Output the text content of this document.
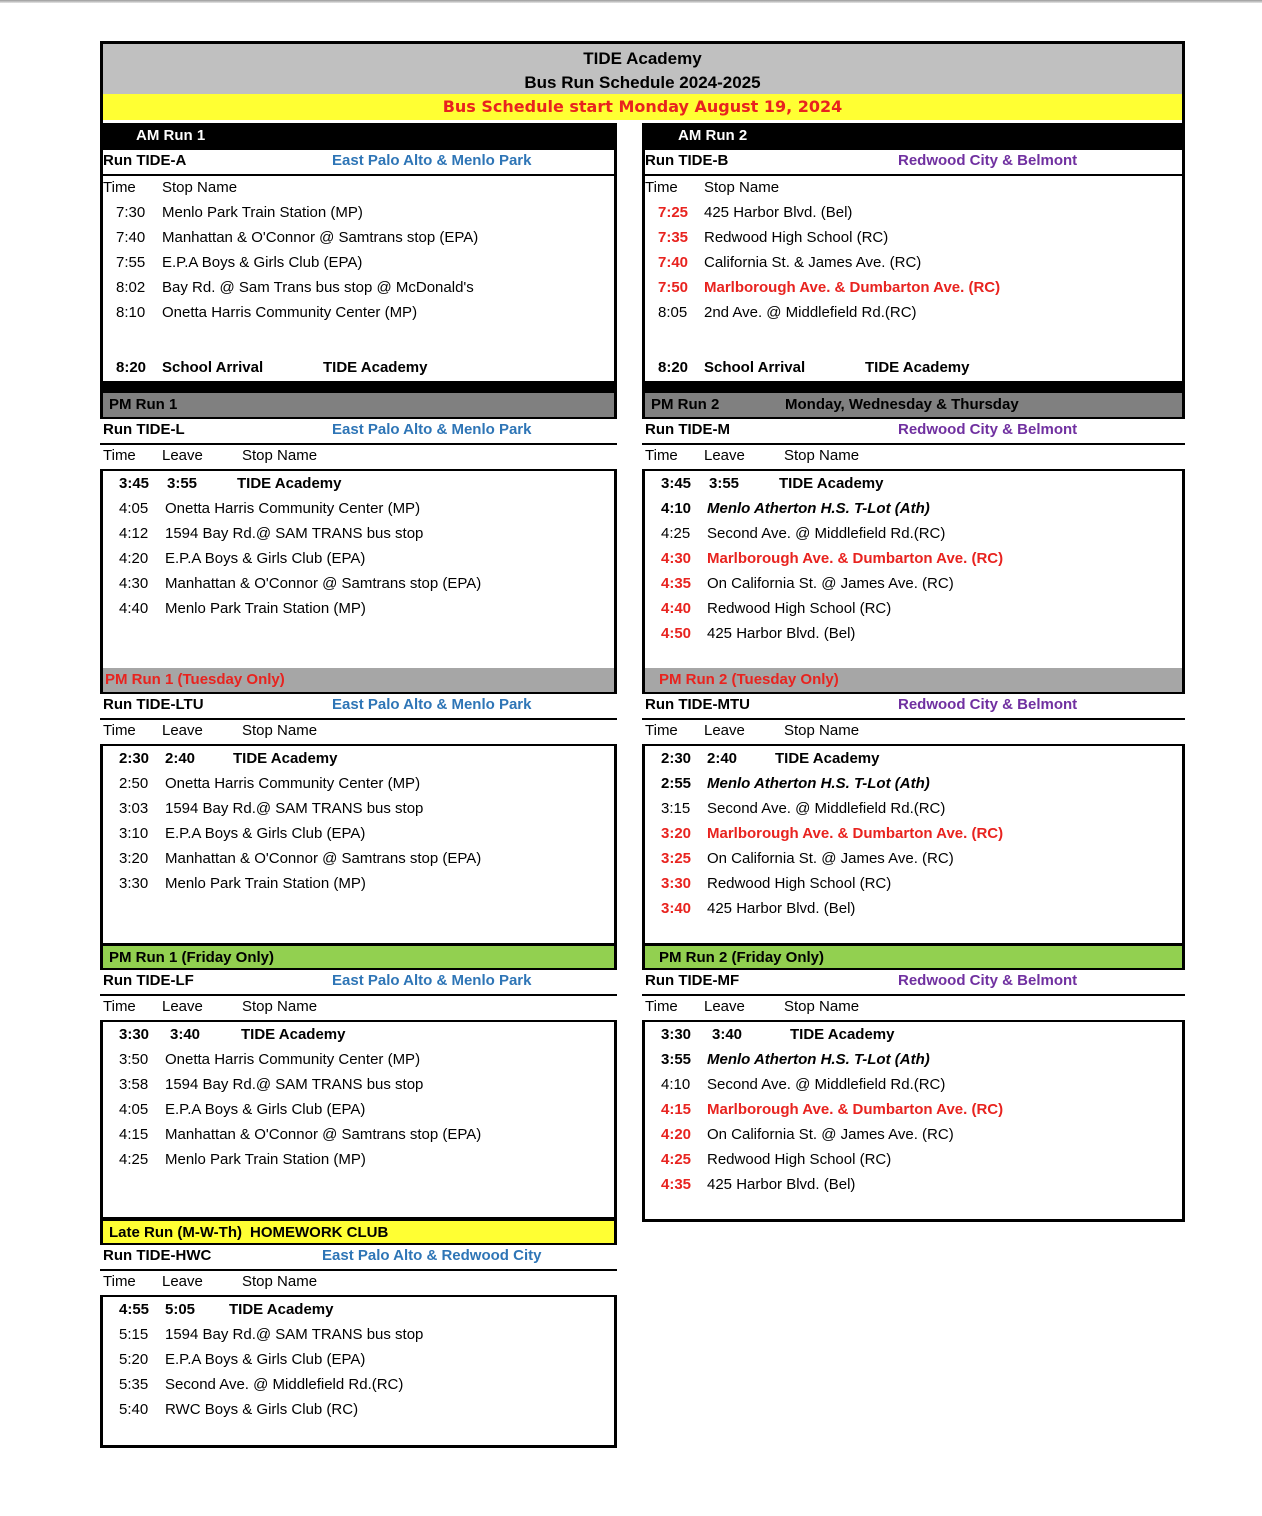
TIDE Academy
Bus Run Schedule 2024-2025
Bus Schedule start Monday August 19, 2024
AM Run 1
Run TIDE-A	East Palo Alto & Menlo Park
Time Stop Name
7:30 Menlo Park Train Station (MP)
7:40 Manhattan & O'Connor @ Samtrans stop (EPA)
7:55 E.P.A Boys & Girls Club (EPA)
8:02 Bay Rd. @ Sam Trans bus stop @ McDonald's
8:10 Onetta Harris Community Center (MP)
8:20 School Arrival	TIDE Academy
AM Run 2
Run TIDE-B	Redwood City & Belmont
Time Stop Name
7:25 425 Harbor Blvd. (Bel)
7:35 Redwood High School (RC)
7:40 California St. & James Ave. (RC)
7:50 Marlborough Ave. & Dumbarton Ave. (RC)
8:05 2nd Ave. @ Middlefield Rd.(RC)
8:20 School Arrival	TIDE Academy
PM Run 1
Run TIDE-L	East Palo Alto & Menlo Park
Time Leave	Stop Name
3:45 3:55	TIDE Academy
4:05 Onetta Harris Community Center (MP)
4:12 1594 Bay Rd.@ SAM TRANS bus stop
4:20 E.P.A Boys & Girls Club (EPA)
4:30 Manhattan & O'Connor @ Samtrans stop (EPA)
4:40 Menlo Park Train Station (MP)
PM Run 2	Monday, Wednesday & Thursday
Run TIDE-M	Redwood City & Belmont
Time Leave	Stop Name
3:45 3:55	TIDE Academy
4:10 Menlo Atherton H.S. T-Lot (Ath)
4:25 Second Ave. @ Middlefield Rd.(RC)
4:30 Marlborough Ave. & Dumbarton Ave. (RC)
4:35 On California St. @ James Ave. (RC)
4:40 Redwood High School (RC)
4:50 425 Harbor Blvd. (Bel)
PM Run 1 (Tuesday Only)
Run TIDE-LTU	East Palo Alto & Menlo Park
Time Leave	Stop Name
2:30 2:40	TIDE Academy
2:50 Onetta Harris Community Center (MP)
3:03 1594 Bay Rd.@ SAM TRANS bus stop
3:10 E.P.A Boys & Girls Club (EPA)
3:20 Manhattan & O'Connor @ Samtrans stop (EPA)
3:30 Menlo Park Train Station (MP)
PM Run 2 (Tuesday Only)
Run TIDE-MTU	Redwood City & Belmont
Time Leave	Stop Name
2:30 2:40	TIDE Academy
2:55 Menlo Atherton H.S. T-Lot (Ath)
3:15 Second Ave. @ Middlefield Rd.(RC)
3:20 Marlborough Ave. & Dumbarton Ave. (RC)
3:25 On California St. @ James Ave. (RC)
3:30 Redwood High School (RC)
3:40 425 Harbor Blvd. (Bel)
PM Run 1 (Friday Only)
Run TIDE-LF	East Palo Alto & Menlo Park
Time Leave	Stop Name
3:30 3:40	TIDE Academy
3:50 Onetta Harris Community Center (MP)
3:58 1594 Bay Rd.@ SAM TRANS bus stop
4:05 E.P.A Boys & Girls Club (EPA)
4:15 Manhattan & O'Connor @ Samtrans stop (EPA)
4:25 Menlo Park Train Station (MP)
PM Run 2 (Friday Only)
Run TIDE-MF	Redwood City & Belmont
Time Leave	Stop Name
3:30 3:40	TIDE Academy
3:55 Menlo Atherton H.S. T-Lot (Ath)
4:10 Second Ave. @ Middlefield Rd.(RC)
4:15 Marlborough Ave. & Dumbarton Ave. (RC)
4:20 On California St. @ James Ave. (RC)
4:25 Redwood High School (RC)
4:35 425 Harbor Blvd. (Bel)
Late Run (M-W-Th) HOMEWORK CLUB
Run TIDE-HWC	East Palo Alto & Redwood City
Time Leave	Stop Name
4:55 5:05 TIDE Academy
5:15 1594 Bay Rd.@ SAM TRANS bus stop
5:20 E.P.A Boys & Girls Club (EPA)
5:35 Second Ave. @ Middlefield Rd.(RC)
5:40 RWC Boys & Girls Club (RC)
